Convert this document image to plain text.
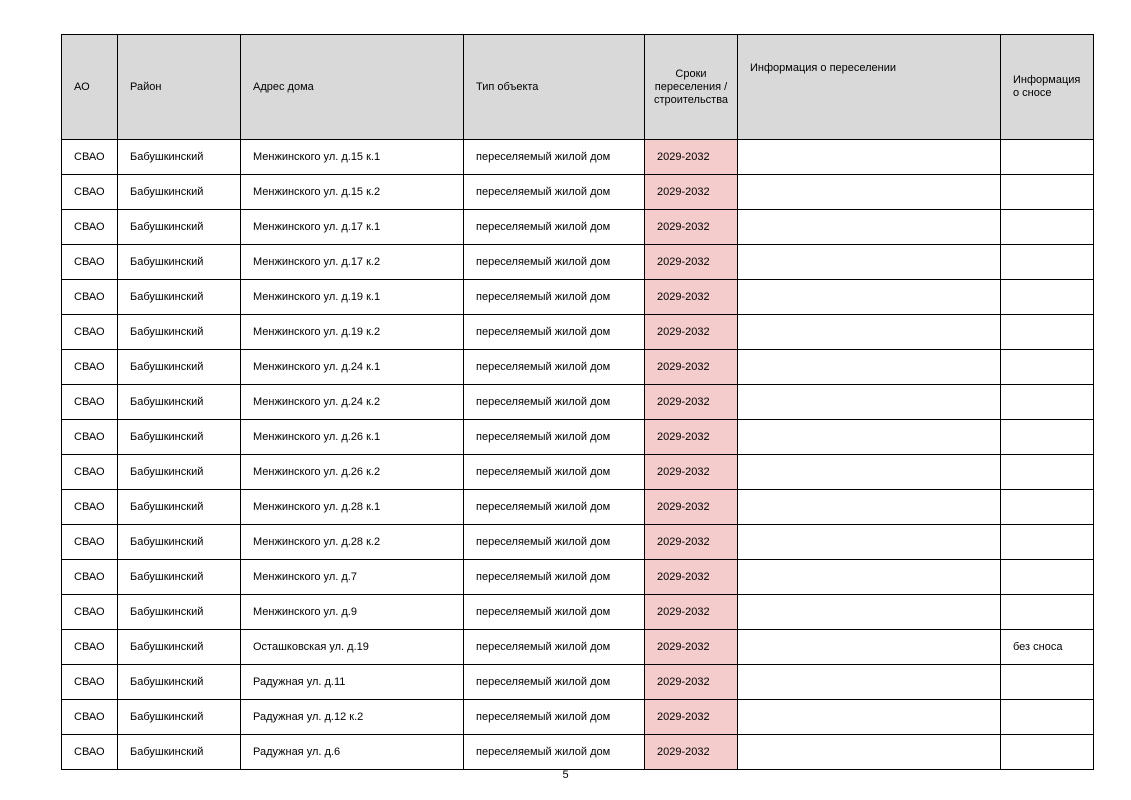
АО	Район	Адрес дома	Тип объекта	Сроки переселения / строительства	Информация о переселении	Информация о сносе
СВАО	Бабушкинский	Менжинского ул. д.15 к.1	переселяемый жилой дом	2029-2032		
СВАО	Бабушкинский	Менжинского ул. д.15 к.2	переселяемый жилой дом	2029-2032		
СВАО	Бабушкинский	Менжинского ул. д.17 к.1	переселяемый жилой дом	2029-2032		
СВАО	Бабушкинский	Менжинского ул. д.17 к.2	переселяемый жилой дом	2029-2032		
СВАО	Бабушкинский	Менжинского ул. д.19 к.1	переселяемый жилой дом	2029-2032		
СВАО	Бабушкинский	Менжинского ул. д.19 к.2	переселяемый жилой дом	2029-2032		
СВАО	Бабушкинский	Менжинского ул. д.24 к.1	переселяемый жилой дом	2029-2032		
СВАО	Бабушкинский	Менжинского ул. д.24 к.2	переселяемый жилой дом	2029-2032		
СВАО	Бабушкинский	Менжинского ул. д.26 к.1	переселяемый жилой дом	2029-2032		
СВАО	Бабушкинский	Менжинского ул. д.26 к.2	переселяемый жилой дом	2029-2032		
СВАО	Бабушкинский	Менжинского ул. д.28 к.1	переселяемый жилой дом	2029-2032		
СВАО	Бабушкинский	Менжинского ул. д.28 к.2	переселяемый жилой дом	2029-2032		
СВАО	Бабушкинский	Менжинского ул. д.7	переселяемый жилой дом	2029-2032		
СВАО	Бабушкинский	Менжинского ул. д.9	переселяемый жилой дом	2029-2032		
СВАО	Бабушкинский	Осташковская ул. д.19	переселяемый жилой дом	2029-2032		без сноса
СВАО	Бабушкинский	Радужная ул. д.11	переселяемый жилой дом	2029-2032		
СВАО	Бабушкинский	Радужная ул. д.12 к.2	переселяемый жилой дом	2029-2032		
СВАО	Бабушкинский	Радужная ул. д.6	переселяемый жилой дом	2029-2032		
5
